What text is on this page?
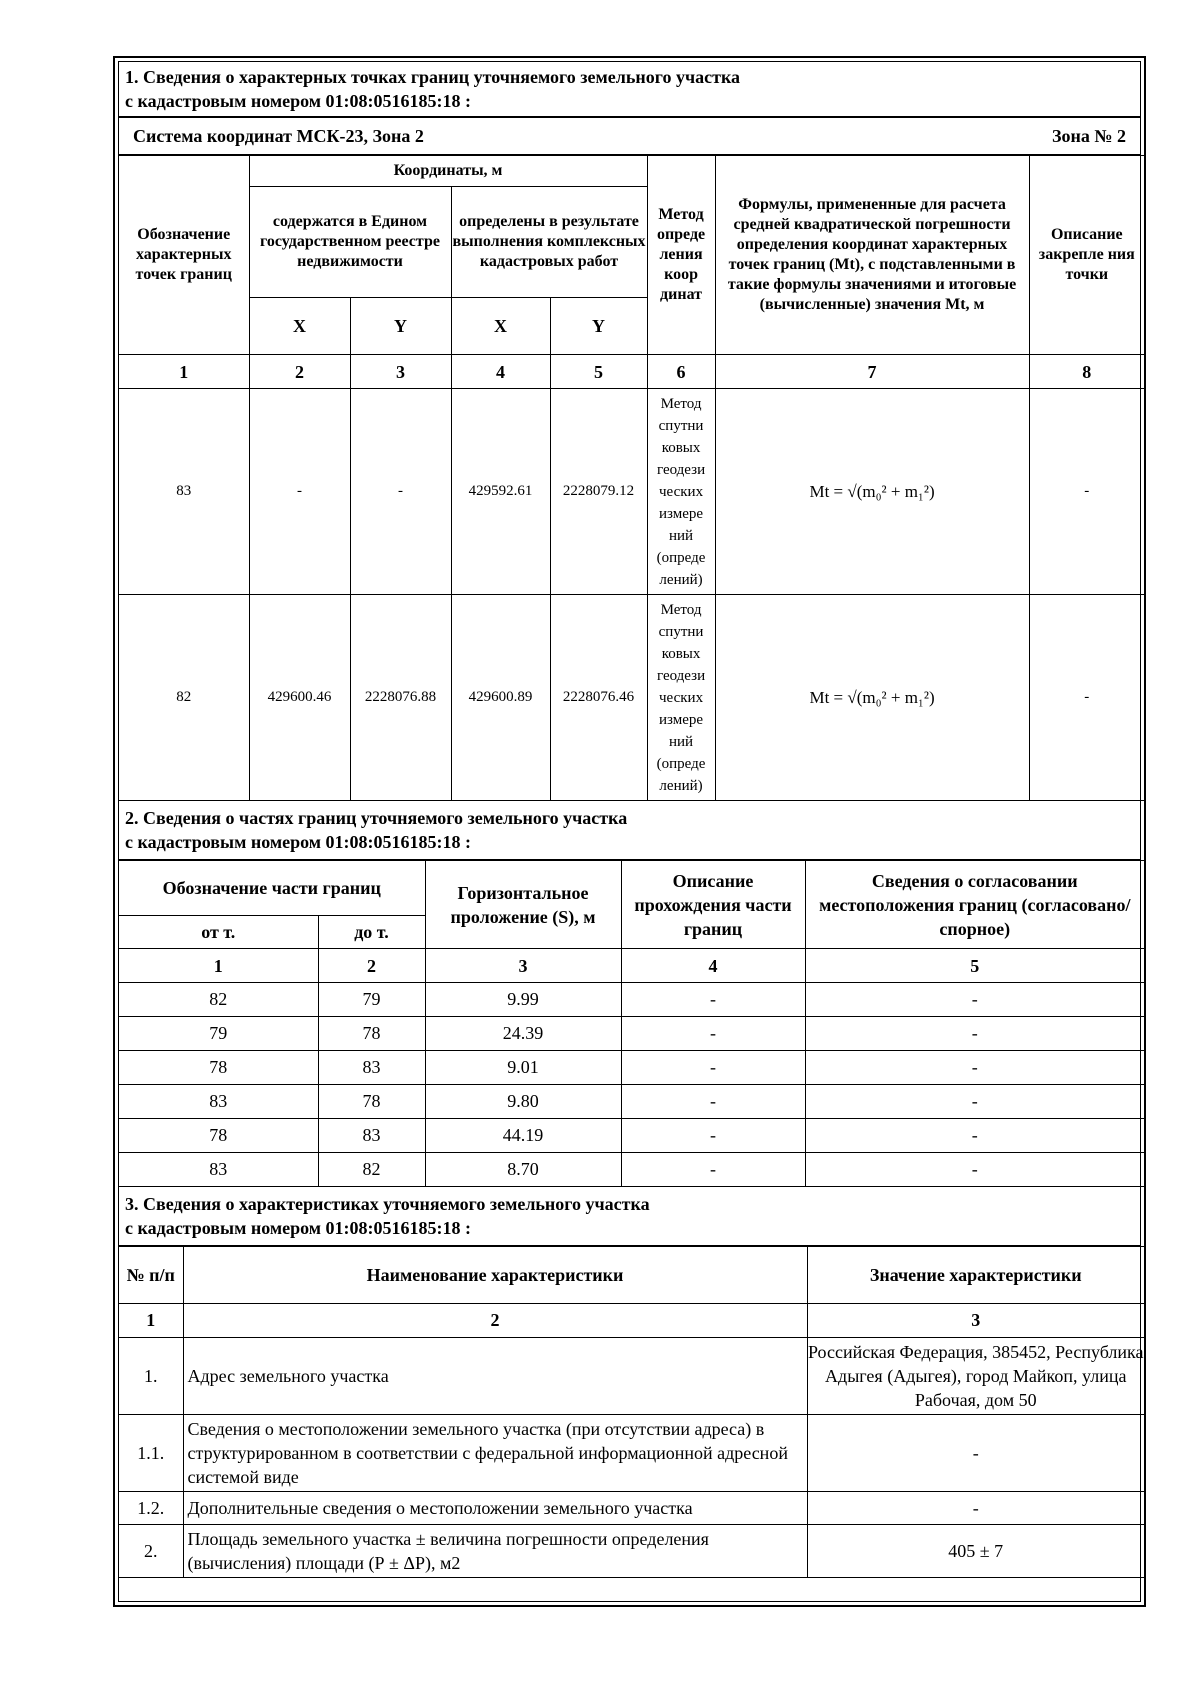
1. Сведения о характерных точках границ уточняемого земельного участка
с кадастровым номером 01:08:0516185:18 :
Система координат МСК-23, Зона 2	Зона № 2
Обозначение характерных точек границ	Координаты, м				Метод опреде ления коор динат	Формулы, примененные для расчета средней квадратической погрешности определения координат характерных точек границ (Mt), с подставленными в такие формулы значениями и итоговые (вычисленные) значения Mt, м	Описание закрепле ния точки
	содержатся в Едином государственном реестре недвижимости		определены в результате выполнения комплексных кадастровых работ				
	X	Y	X	Y			
1	2	3	4	5	6	7	8
83	-	-	429592.61	2228079.12	Метод спутни ковых геодези ческих измере ний (опреде лений)	Mt = √(m₀² + m₁²)	-
82	429600.46	2228076.88	429600.89	2228076.46	Метод спутни ковых геодези ческих измере ний (опреде лений)	Mt = √(m₀² + m₁²)	-
2. Сведения о частях границ уточняемого земельного участка
с кадастровым номером 01:08:0516185:18 :
Обозначение части границ		Горизонтальное проложение (S), м	Описание прохождения части границ	Сведения о согласовании местоположения границ (согласовано/спорное)
от т.	до т.			
1	2	3	4	5
82	79	9.99	-	-
79	78	24.39	-	-
78	83	9.01	-	-
83	78	9.80	-	-
78	83	44.19	-	-
83	82	8.70	-	-
3. Сведения о характеристиках уточняемого земельного участка
с кадастровым номером 01:08:0516185:18 :
№ п/п	Наименование характеристики	Значение характеристики
1	2	3
1.	Адрес земельного участка	Российская Федерация, 385452, Республика Адыгея (Адыгея), город Майкоп, улица Рабочая, дом 50
1.1.	Сведения о местоположении земельного участка (при отсутствии адреса) в структурированном в соответствии с федеральной информационной адресной системой виде	-
1.2.	Дополнительные сведения о местоположении земельного участка	-
2.	Площадь земельного участка ± величина погрешности определения (вычисления) площади (Р ± ΔР), м2	405 ± 7
